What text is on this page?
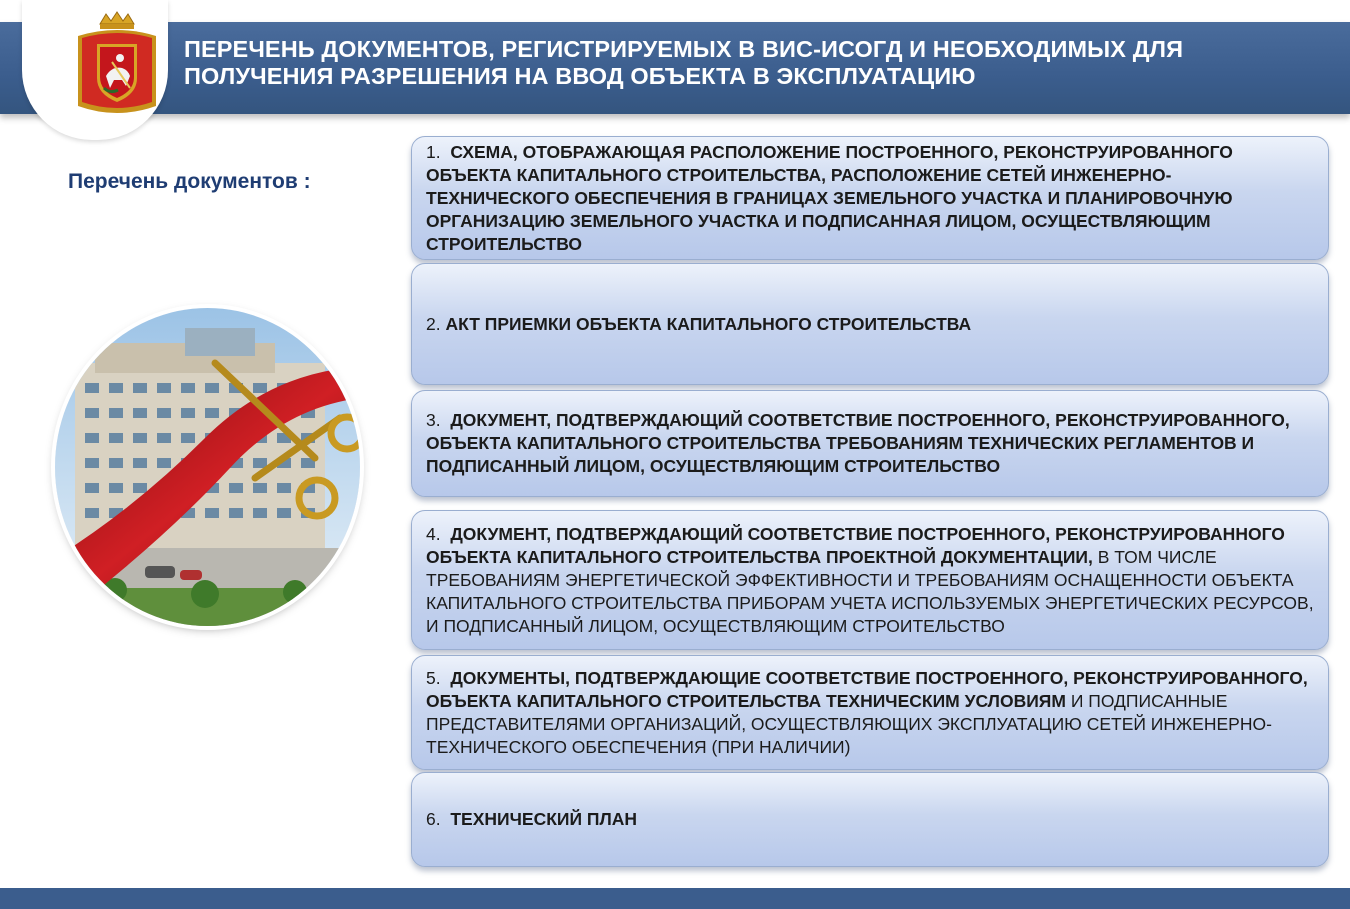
ПЕРЕЧЕНЬ ДОКУМЕНТОВ, РЕГИСТРИРУЕМЫХ В ВИС-ИСОГД И НЕОБХОДИМЫХ ДЛЯ
ПОЛУЧЕНИЯ РАЗРЕШЕНИЯ НА ВВОД ОБЪЕКТА В ЭКСПЛУАТАЦИЮ
Перечень документов :
1. СХЕМА, ОТОБРАЖАЮЩАЯ РАСПОЛОЖЕНИЕ ПОСТРОЕННОГО, РЕКОНСТРУИРОВАННОГО ОБЪЕКТА КАПИТАЛЬНОГО СТРОИТЕЛЬСТВА, РАСПОЛОЖЕНИЕ СЕТЕЙ ИНЖЕНЕРНО-ТЕХНИЧЕСКОГО ОБЕСПЕЧЕНИЯ В ГРАНИЦАХ ЗЕМЕЛЬНОГО УЧАСТКА И ПЛАНИРОВОЧНУЮ ОРГАНИЗАЦИЮ ЗЕМЕЛЬНОГО УЧАСТКА И ПОДПИСАННАЯ ЛИЦОМ, ОСУЩЕСТВЛЯЮЩИМ СТРОИТЕЛЬСТВО
2. АКТ ПРИЕМКИ ОБЪЕКТА КАПИТАЛЬНОГО СТРОИТЕЛЬСТВА
3. ДОКУМЕНТ, ПОДТВЕРЖДАЮЩИЙ СООТВЕТСТВИЕ ПОСТРОЕННОГО, РЕКОНСТРУИРОВАННОГО, ОБЪЕКТА КАПИТАЛЬНОГО СТРОИТЕЛЬСТВА ТРЕБОВАНИЯМ ТЕХНИЧЕСКИХ РЕГЛАМЕНТОВ И ПОДПИСАННЫЙ ЛИЦОМ, ОСУЩЕСТВЛЯЮЩИМ СТРОИТЕЛЬСТВО
4. ДОКУМЕНТ, ПОДТВЕРЖДАЮЩИЙ СООТВЕТСТВИЕ ПОСТРОЕННОГО, РЕКОНСТРУИРОВАННОГО ОБЪЕКТА КАПИТАЛЬНОГО СТРОИТЕЛЬСТВА ПРОЕКТНОЙ ДОКУМЕНТАЦИИ, В ТОМ ЧИСЛЕ ТРЕБОВАНИЯМ ЭНЕРГЕТИЧЕСКОЙ ЭФФЕКТИВНОСТИ И ТРЕБОВАНИЯМ ОСНАЩЕННОСТИ ОБЪЕКТА КАПИТАЛЬНОГО СТРОИТЕЛЬСТВА ПРИБОРАМ УЧЕТА ИСПОЛЬЗУЕМЫХ ЭНЕРГЕТИЧЕСКИХ РЕСУРСОВ, И ПОДПИСАННЫЙ ЛИЦОМ, ОСУЩЕСТВЛЯЮЩИМ СТРОИТЕЛЬСТВО
5. ДОКУМЕНТЫ, ПОДТВЕРЖДАЮЩИЕ СООТВЕТСТВИЕ ПОСТРОЕННОГО, РЕКОНСТРУИРОВАННОГО, ОБЪЕКТА КАПИТАЛЬНОГО СТРОИТЕЛЬСТВА ТЕХНИЧЕСКИМ УСЛОВИЯМ И ПОДПИСАННЫЕ ПРЕДСТАВИТЕЛЯМИ ОРГАНИЗАЦИЙ, ОСУЩЕСТВЛЯЮЩИХ ЭКСПЛУАТАЦИЮ СЕТЕЙ ИНЖЕНЕРНО-ТЕХНИЧЕСКОГО ОБЕСПЕЧЕНИЯ (ПРИ НАЛИЧИИ)
6. ТЕХНИЧЕСКИЙ ПЛАН
